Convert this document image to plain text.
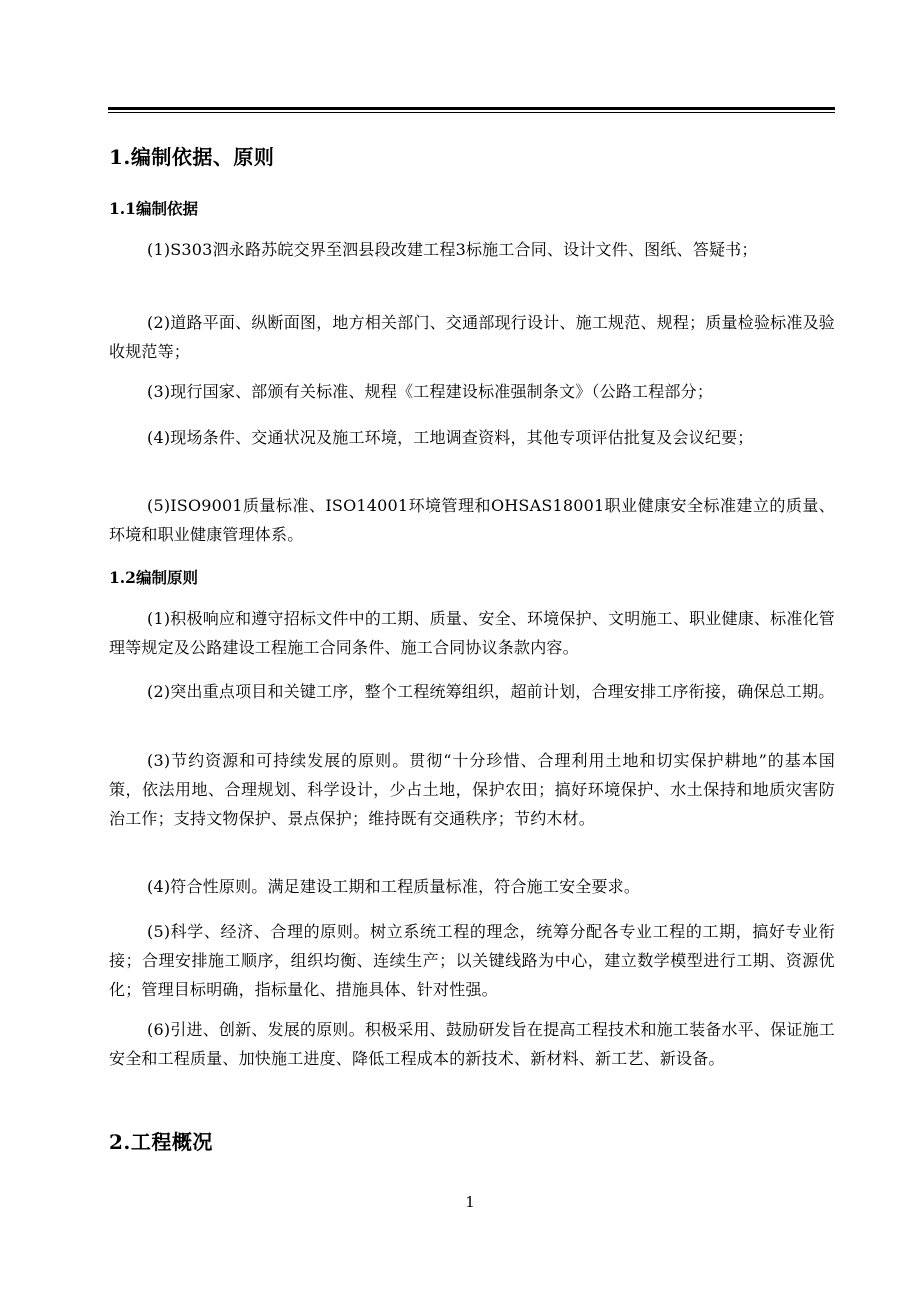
1.编制依据、原则
1.1编制依据
(1)S303泗永路苏皖交界至泗县段改建工程3标施工合同、设计文件、图纸、答疑书；
(2)道路平面、纵断面图，地方相关部门、交通部现行设计、施工规范、规程；质量检验标准及验收规范等；
(3)现行国家、部颁有关标准、规程《工程建设标准强制条文》（公路工程部分；
(4)现场条件、交通状况及施工环境，工地调查资料，其他专项评估批复及会议纪要；
(5)ISO9001质量标准、ISO14001环境管理和OHSAS18001职业健康安全标准建立的质量、环境和职业健康管理体系。
1.2编制原则
(1)积极响应和遵守招标文件中的工期、质量、安全、环境保护、文明施工、职业健康、标准化管理等规定及公路建设工程施工合同条件、施工合同协议条款内容。
(2)突出重点项目和关键工序，整个工程统筹组织，超前计划，合理安排工序衔接，确保总工期。
(3)节约资源和可持续发展的原则。贯彻“十分珍惜、合理利用土地和切实保护耕地”的基本国策，依法用地、合理规划、科学设计，少占土地，保护农田；搞好环境保护、水土保持和地质灾害防治工作；支持文物保护、景点保护；维持既有交通秩序；节约木材。
(4)符合性原则。满足建设工期和工程质量标准，符合施工安全要求。
(5)科学、经济、合理的原则。树立系统工程的理念，统筹分配各专业工程的工期，搞好专业衔接；合理安排施工顺序，组织均衡、连续生产；以关键线路为中心，建立数学模型进行工期、资源优化；管理目标明确，指标量化、措施具体、针对性强。
(6)引进、创新、发展的原则。积极采用、鼓励研发旨在提高工程技术和施工装备水平、保证施工安全和工程质量、加快施工进度、降低工程成本的新技术、新材料、新工艺、新设备。
2.工程概况
1
